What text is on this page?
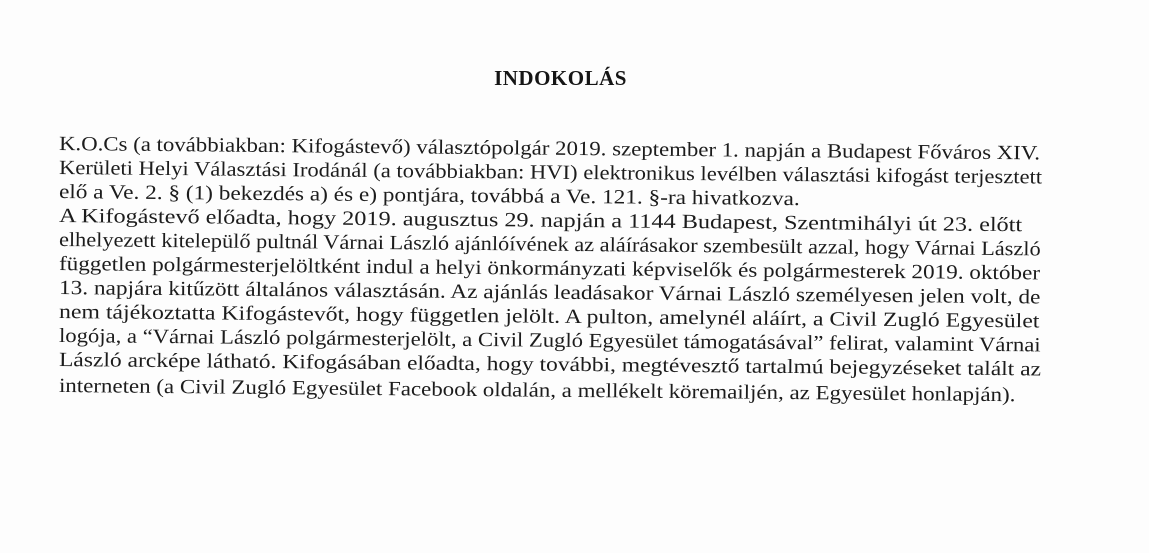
INDOKOLÁS
K.O.Cs (a továbbiakban: Kifogástevő) választópolgár 2019. szeptember 1. napján a Budapest Főváros XIV.
Kerületi Helyi Választási Irodánál (a továbbiakban: HVI) elektronikus levélben választási kifogást terjesztett
elő a Ve. 2. § (1) bekezdés a) és e) pontjára, továbbá a Ve. 121. §-ra hivatkozva.
A Kifogástevő előadta, hogy 2019. augusztus 29. napján a 1144 Budapest, Szentmihályi út 23. előtt
elhelyezett kitelepülő pultnál Várnai László ajánlóívének az aláírásakor szembesült azzal, hogy Várnai László
független polgármesterjelöltként indul a helyi önkormányzati képviselők és polgármesterek 2019. október
13. napjára kitűzött általános választásán. Az ajánlás leadásakor Várnai László személyesen jelen volt, de
nem tájékoztatta Kifogástevőt, hogy független jelölt. A pulton, amelynél aláírt, a Civil Zugló Egyesület
logója, a “Várnai László polgármesterjelölt, a Civil Zugló Egyesület támogatásával” felirat, valamint Várnai
László arcképe látható. Kifogásában előadta, hogy további, megtévesztő tartalmú bejegyzéseket talált az
interneten (a Civil Zugló Egyesület Facebook oldalán, a mellékelt köremailjén, az Egyesület honlapján).
